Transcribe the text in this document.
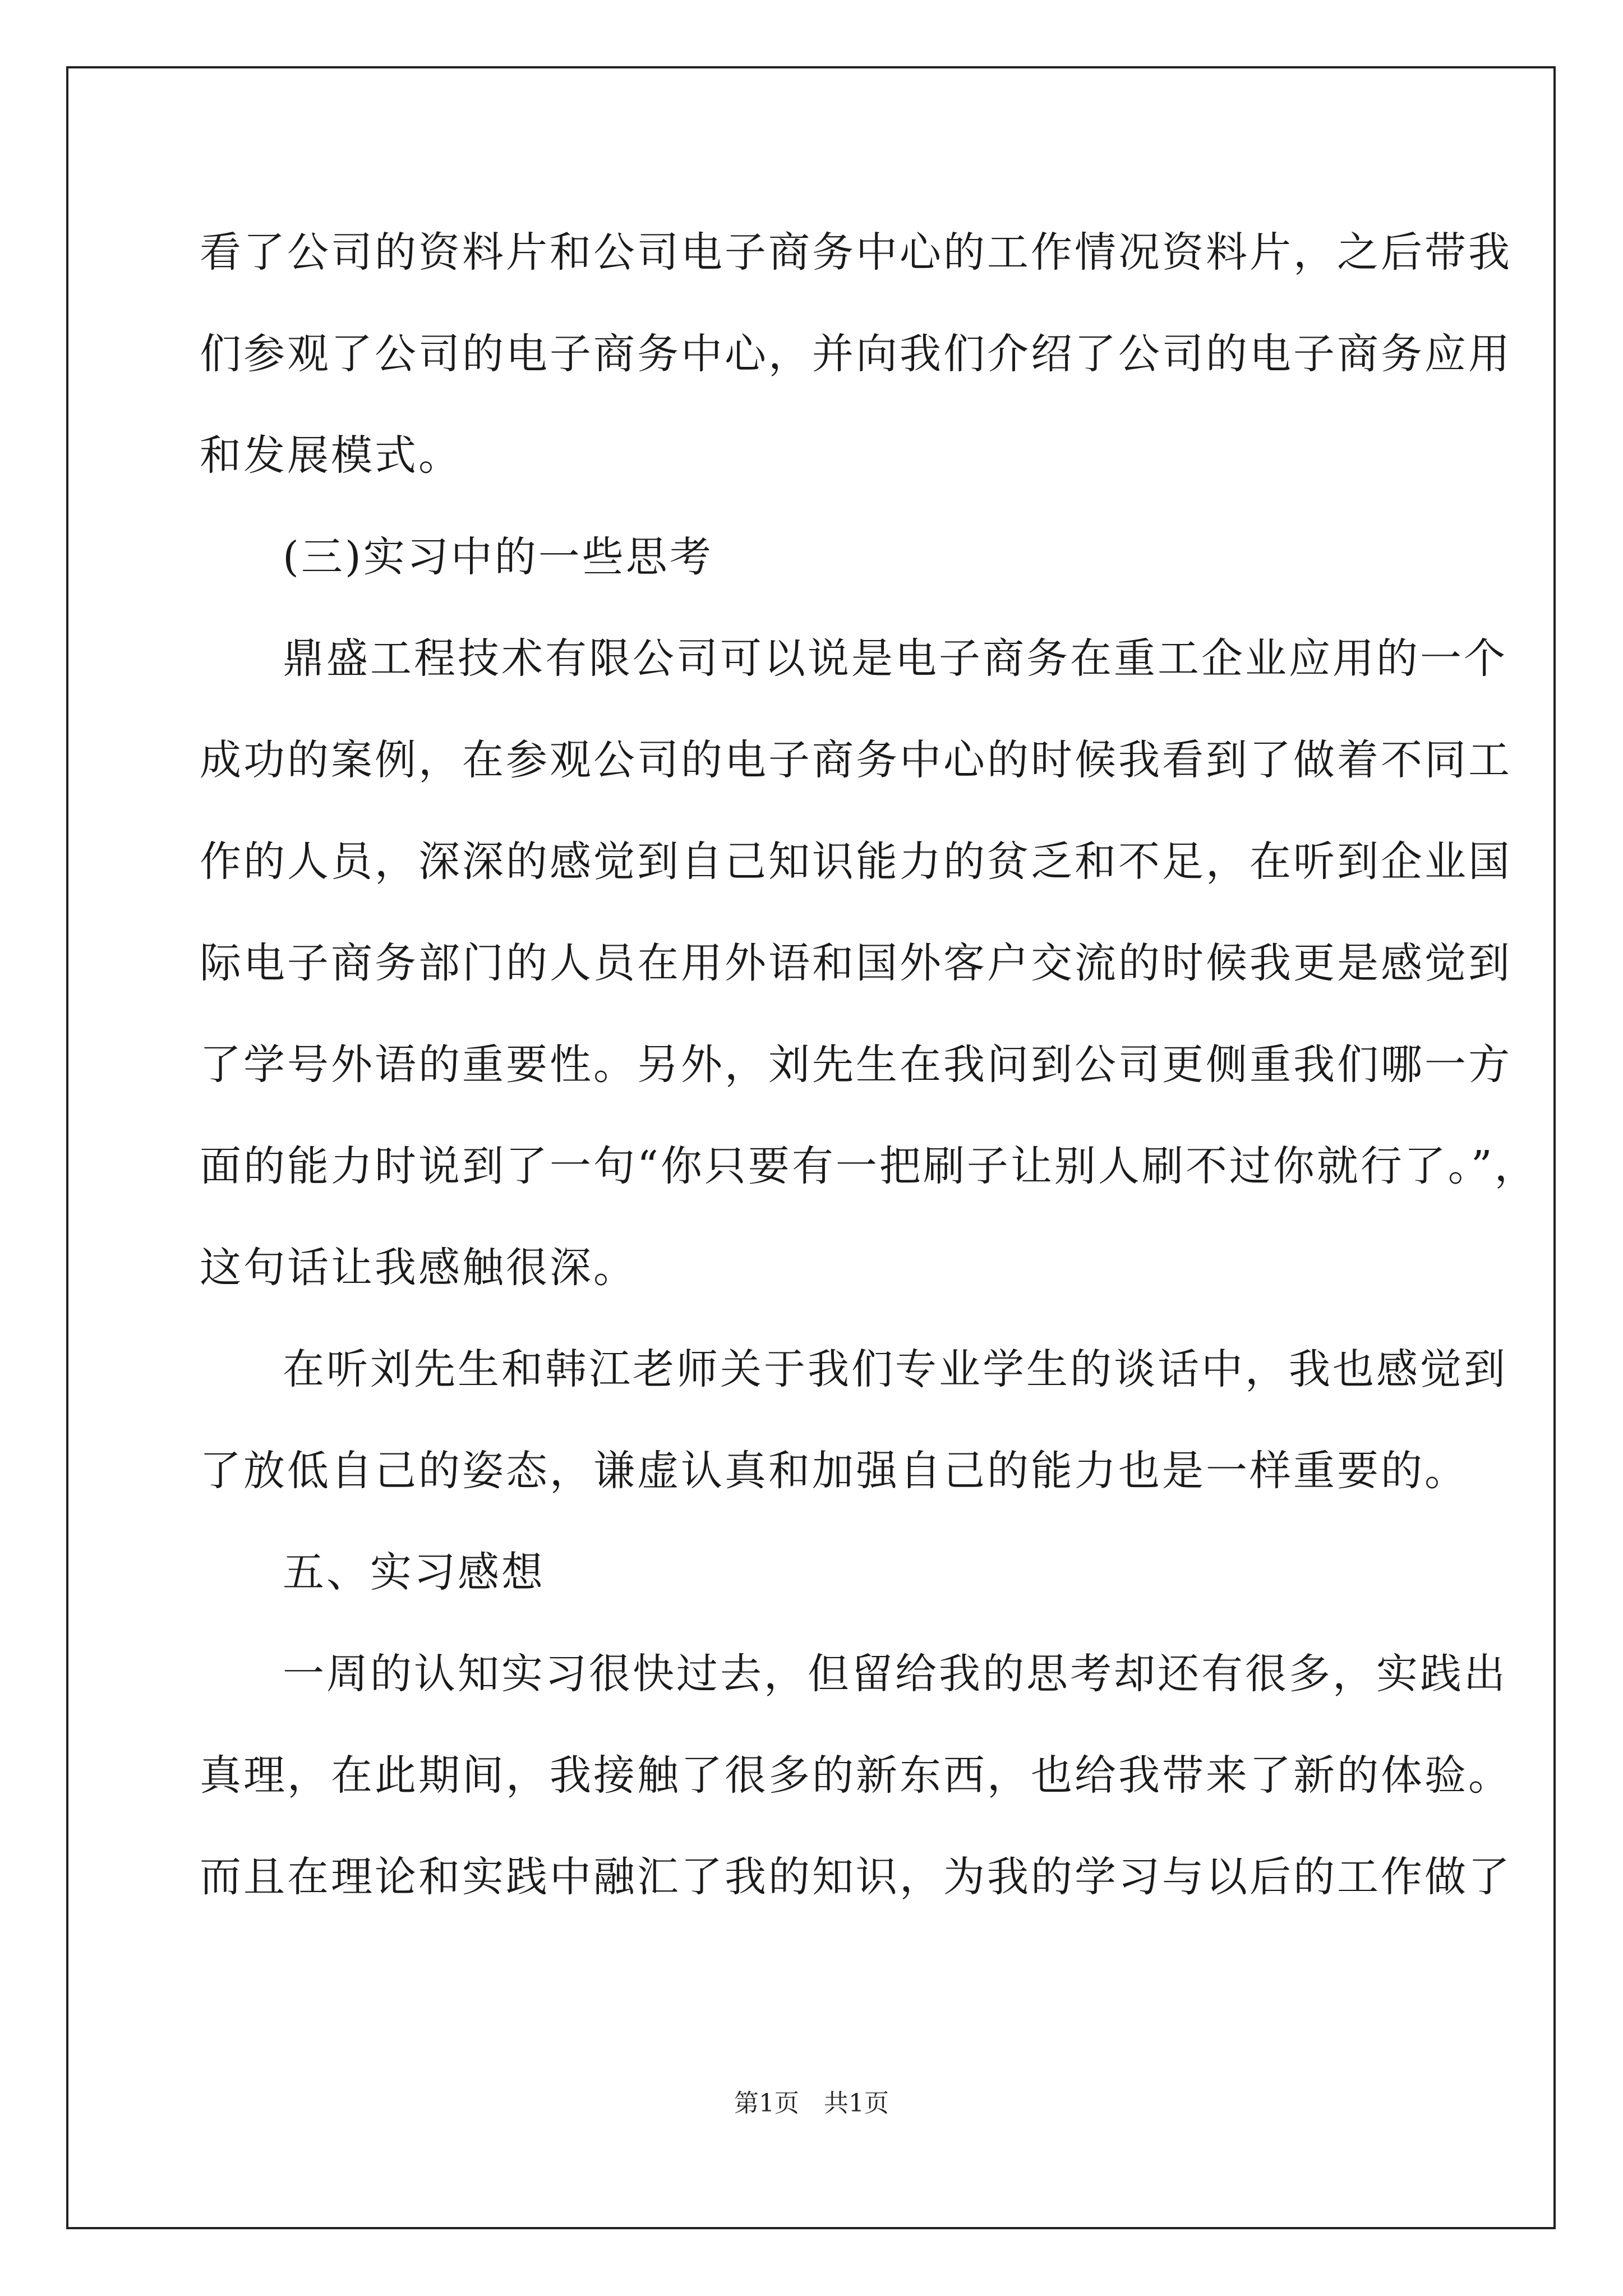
看了公司的资料片和公司电子商务中心的工作情况资料片，之后带我
们参观了公司的电子商务中心，并向我们介绍了公司的电子商务应用
和发展模式。
(三)实习中的一些思考
鼎盛工程技术有限公司可以说是电子商务在重工企业应用的一个
成功的案例，在参观公司的电子商务中心的时候我看到了做着不同工
作的人员，深深的感觉到自己知识能力的贫乏和不足，在听到企业国
际电子商务部门的人员在用外语和国外客户交流的时候我更是感觉到
了学号外语的重要性。另外，刘先生在我问到公司更侧重我们哪一方
面的能力时说到了一句“你只要有一把刷子让别人刷不过你就行了。”，
这句话让我感触很深。
在听刘先生和韩江老师关于我们专业学生的谈话中，我也感觉到
了放低自己的姿态，谦虚认真和加强自己的能力也是一样重要的。
五、实习感想
一周的认知实习很快过去，但留给我的思考却还有很多，实践出
真理，在此期间，我接触了很多的新东西，也给我带来了新的体验。
而且在理论和实践中融汇了我的知识，为我的学习与以后的工作做了
第1页　共1页
